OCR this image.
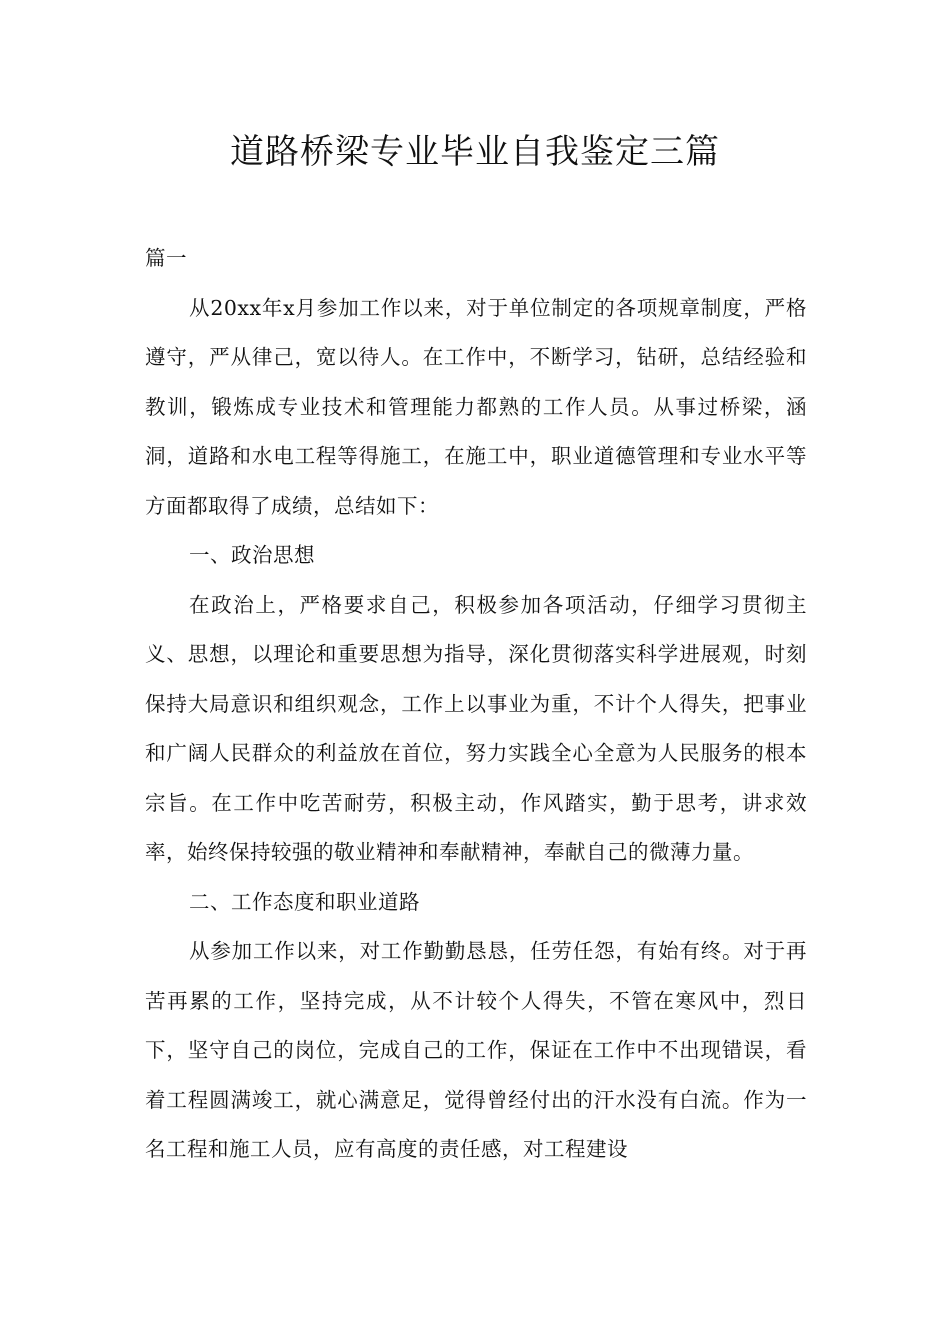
道路桥梁专业毕业自我鉴定三篇

篇一

从20xx年x月参加工作以来，对于单位制定的各项规章制度，严格遵守，严从律己，宽以待人。在工作中，不断学习，钻研，总结经验和教训，锻炼成专业技术和管理能力都熟的工作人员。从事过桥梁，涵洞，道路和水电工程等得施工，在施工中，职业道德管理和专业水平等方面都取得了成绩，总结如下：

一、政治思想

在政治上，严格要求自己，积极参加各项活动，仔细学习贯彻主义、思想，以理论和重要思想为指导，深化贯彻落实科学进展观，时刻保持大局意识和组织观念，工作上以事业为重，不计个人得失，把事业和广阔人民群众的利益放在首位，努力实践全心全意为人民服务的根本宗旨。在工作中吃苦耐劳，积极主动，作风踏实，勤于思考，讲求效率，始终保持较强的敬业精神和奉献精神，奉献自己的微薄力量。

二、工作态度和职业道路

从参加工作以来，对工作勤勤恳恳，任劳任怨，有始有终。对于再苦再累的工作，坚持完成，从不计较个人得失，不管在寒风中，烈日下，坚守自己的岗位，完成自己的工作，保证在工作中不出现错误，看着工程圆满竣工，就心满意足，觉得曾经付出的汗水没有白流。作为一名工程和施工人员，应有高度的责任感，对工程建设
